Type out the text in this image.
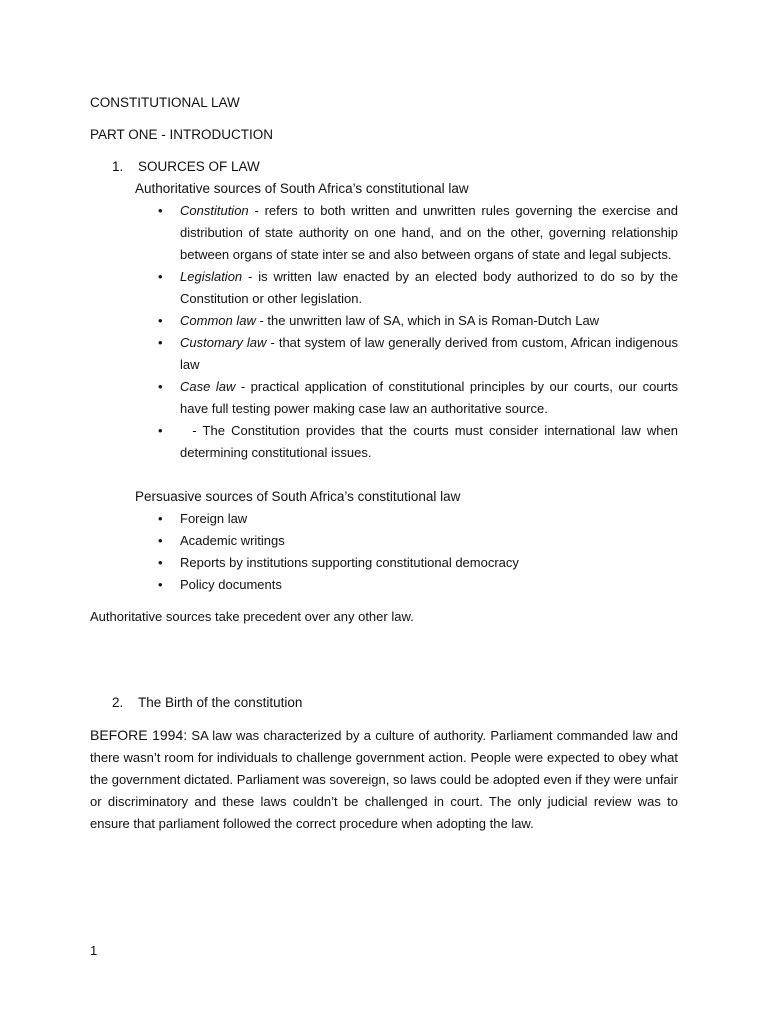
CONSTITUTIONAL LAW
PART ONE - INTRODUCTION
1.	SOURCES OF LAW
Authoritative sources of South Africa’s constitutional law
• Constitution - refers to both written and unwritten rules governing the exercise and distribution of state authority on one hand, and on the other, governing relationship between organs of state inter se and also between organs of state and legal subjects.
• Legislation - is written law enacted by an elected body authorized to do so by the Constitution or other legislation.
• Common law - the unwritten law of SA, which in SA is Roman-Dutch Law
• Customary law - that system of law generally derived from custom, African indigenous law
• Case law - practical application of constitutional principles by our courts, our courts have full testing power making case law an authoritative source.
• - The Constitution provides that the courts must consider international law when determining constitutional issues.
Persuasive sources of South Africa’s constitutional law
• Foreign law
• Academic writings
• Reports by institutions supporting constitutional democracy
• Policy documents
Authoritative sources take precedent over any other law.
2.	The Birth of the constitution
BEFORE 1994: SA law was characterized by a culture of authority. Parliament commanded law and there wasn’t room for individuals to challenge government action. People were expected to obey what the government dictated. Parliament was sovereign, so laws could be adopted even if they were unfair or discriminatory and these laws couldn’t be challenged in court. The only judicial review was to ensure that parliament followed the correct procedure when adopting the law.
1
